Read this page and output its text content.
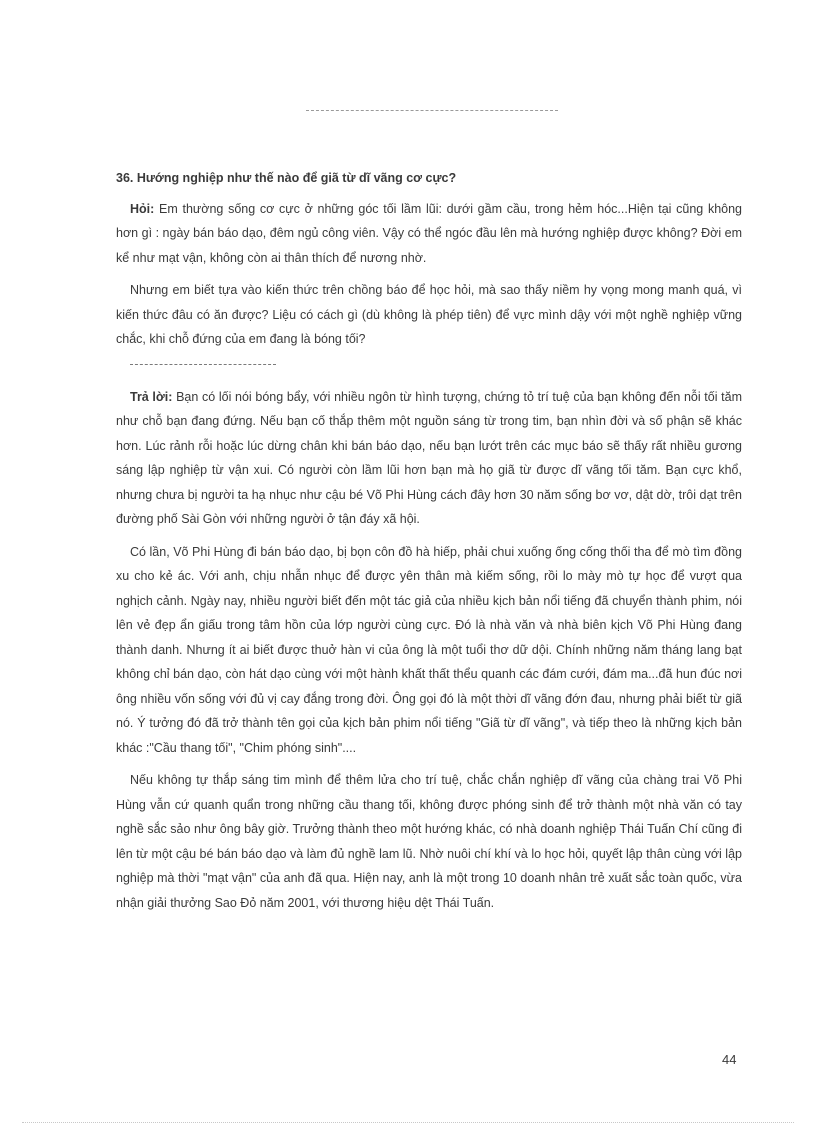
36. Hướng nghiệp như thế nào để giã từ dĩ vãng cơ cực?

Hỏi: Em thường sống cơ cực ở những góc tối lầm lũi: dưới gầm cầu, trong hẻm hóc...Hiện tại cũng không hơn gì : ngày bán báo dạo, đêm ngủ công viên. Vậy có thể ngóc đầu lên mà hướng nghiệp được không? Đời em kể như mạt vận, không còn ai thân thích để nương nhờ.

Nhưng em biết tựa vào kiến thức trên chồng báo để học hỏi, mà sao thấy niềm hy vọng mong manh quá, vì kiến thức đâu có ăn được? Liệu có cách gì (dù không là phép tiên) để vực mình dậy với một nghề nghiệp vững chắc, khi chỗ đứng của em đang là bóng tối?

Trả lời: Bạn có lối nói bóng bẩy, với nhiều ngôn từ hình tượng, chứng tỏ trí tuệ của bạn không đến nỗi tối tăm như chỗ bạn đang đứng. Nếu bạn cố thắp thêm một nguồn sáng từ trong tim, bạn nhìn đời và số phận sẽ khác hơn. Lúc rảnh rỗi hoặc lúc dừng chân khi bán báo dạo, nếu bạn lướt trên các mục báo sẽ thấy rất nhiều gương sáng lập nghiệp từ vận xui. Có người còn lầm lũi hơn bạn mà họ giã từ được dĩ vãng tối tăm. Bạn cực khổ, nhưng chưa bị người ta hạ nhục như cậu bé Võ Phi Hùng cách đây hơn 30 năm sống bơ vơ, dật dờ, trôi dạt trên đường phố Sài Gòn với những người ở tận đáy xã hội.

Có lần, Võ Phi Hùng đi bán báo dạo, bị bọn côn đồ hà hiếp, phải chui xuống ống cống thối tha để mò tìm đồng xu cho kẻ ác. Với anh, chịu nhẫn nhục để được yên thân mà kiếm sống, rồi lo mày mò tự học để vượt qua nghịch cảnh. Ngày nay, nhiều người biết đến một tác giả của nhiều kịch bản nổi tiếng đã chuyển thành phim, nói lên vẻ đẹp ẩn giấu trong tâm hồn của lớp người cùng cực. Đó là nhà văn và nhà biên kịch Võ Phi Hùng đang thành danh. Nhưng ít ai biết được thuở hàn vi của ông là một tuổi thơ dữ dội. Chính những năm tháng lang bạt không chỉ bán dạo, còn hát dạo cùng với một hành khất thất thểu quanh các đám cưới, đám ma...đã hun đúc nơi ông nhiều vốn sống với đủ vị cay đắng trong đời. Ông gọi đó là một thời dĩ vãng đớn đau, nhưng phải biết từ giã nó. Ý tưởng đó đã trở thành tên gọi của kịch bản phim nổi tiếng "Giã từ dĩ vãng", và tiếp theo là những kịch bản khác :"Cầu thang tối", "Chim phóng sinh"....

Nếu không tự thắp sáng tim mình để thêm lửa cho trí tuệ, chắc chắn nghiệp dĩ vãng của chàng trai Võ Phi Hùng vẫn cứ quanh quẩn trong những cầu thang tối, không được phóng sinh để trở thành một nhà văn có tay nghề sắc sảo như ông bây giờ. Trưởng thành theo một hướng khác, có nhà doanh nghiệp Thái Tuấn Chí cũng đi lên từ một cậu bé bán báo dạo và làm đủ nghề lam lũ. Nhờ nuôi chí khí và lo học hỏi, quyết lập thân cùng với lập nghiệp mà thời "mạt vận" của anh đã qua. Hiện nay, anh là một trong 10 doanh nhân trẻ xuất sắc toàn quốc, vừa nhận giải thưởng Sao Đỏ năm 2001, với thương hiệu dệt Thái Tuấn.

44
